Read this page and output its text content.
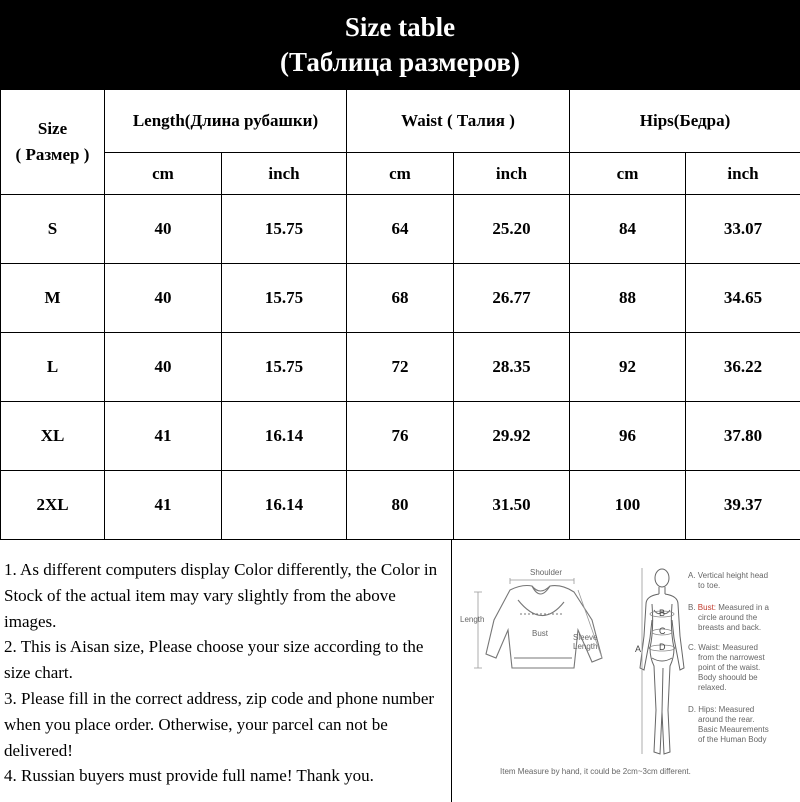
Size table
(Таблица размеров)
Size
( Размер )	Length(Длина рубашки)		Waist ( Талия )		Hips(Бедра)	
	cm	inch	cm	inch	cm	inch
S	40	15.75	64	25.20	84	33.07
M	40	15.75	68	26.77	88	34.65
L	40	15.75	72	28.35	92	36.22
XL	41	16.14	76	29.92	96	37.80
2XL	41	16.14	80	31.50	100	39.37

1. As different computers display Color differently, the Color in Stock of the actual item may vary slightly from the above images.

2. This is Aisan size, Please choose your size according to the size chart.

3. Please fill in the correct address, zip code and phone number when you place order. Otherwise, your parcel can not be delivered!

4. Russian buyers must provide full name! Thank you.

Shoulder
Length
Bust	Sleeve
Length	A
B
C
D
A. Vertical height head
to toe.
B. Bust: Measured in a
circle around the
breasts and back.
C. Waist: Measured
from the narrowest
point of the waist.
Body shoould be
relaxed.
D. Hips: Measured
around the rear.
Basic Meaurements
of the Human Body
Item Measure by hand, it could be 2cm~3cm different.
